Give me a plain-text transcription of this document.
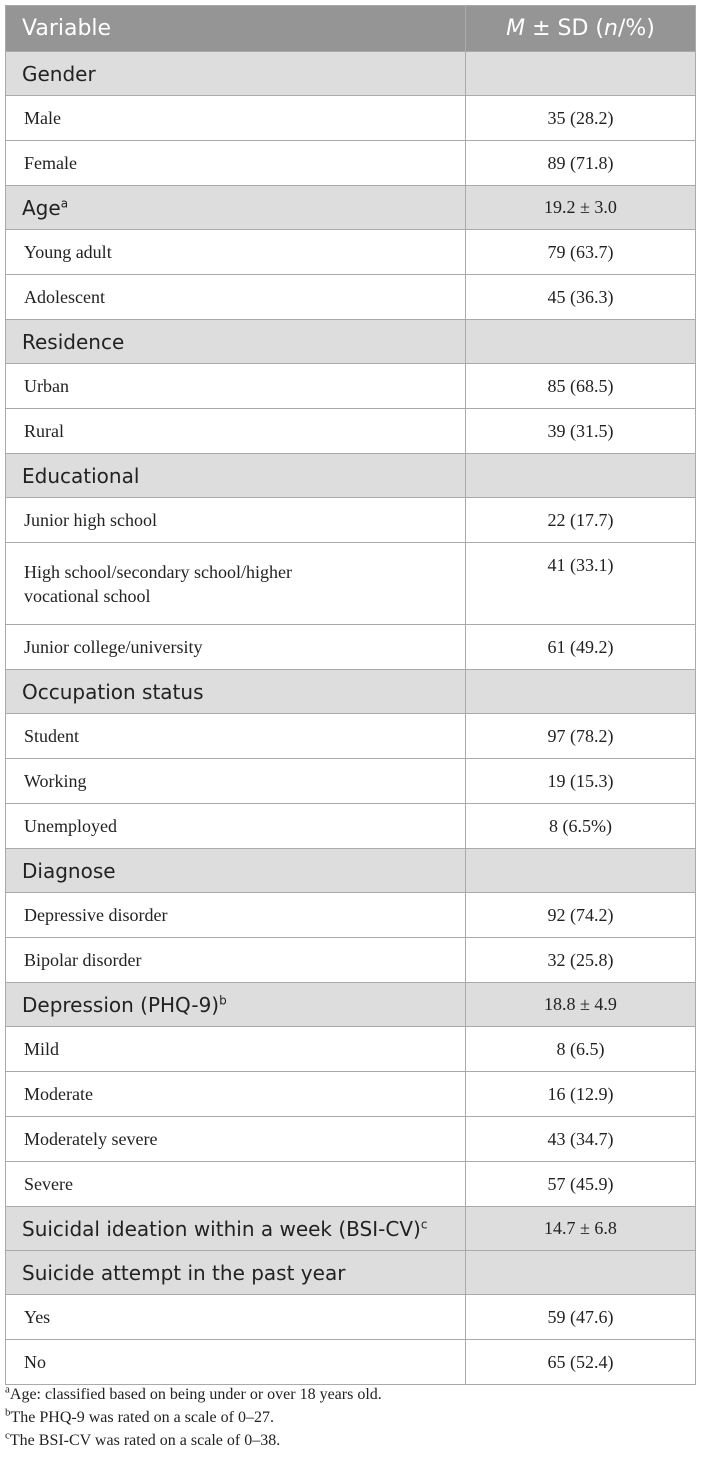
Variable	M ± SD (n/%)
Gender	
Male	35 (28.2)
Female	89 (71.8)
Age$^a$	19.2 ± 3.0
Young adult	79 (63.7)
Adolescent	45 (36.3)
Residence	
Urban	85 (68.5)
Rural	39 (31.5)
Educational	
Junior high school	22 (17.7)
High school/secondary school/higher
vocational school	41 (33.1)
Junior college/university	61 (49.2)
Occupation status	
Student	97 (78.2)
Working	19 (15.3)
Unemployed	8 (6.5%)
Diagnose	
Depressive disorder	92 (74.2)
Bipolar disorder	32 (25.8)
Depression $(PHQ-9)^b$	18.8 ± 4.9
Mild	8 (6.5)
Moderate	16 (12.9)
Moderately severe	43 (34.7)
Severe	57 (45.9)
Suicidal ideation within a week $(BSI-CV)^c$	14.7 ± 6.8
Suicide attempt in the past year	
Yes	59 (47.6)
No	65 (52.4)
$^a$Age: classified based on being under or over 18 years old.
$^b$The PHQ-9 was rated on a scale of 0–27.
$^c$The BSI-CV was rated on a scale of 0–38.
